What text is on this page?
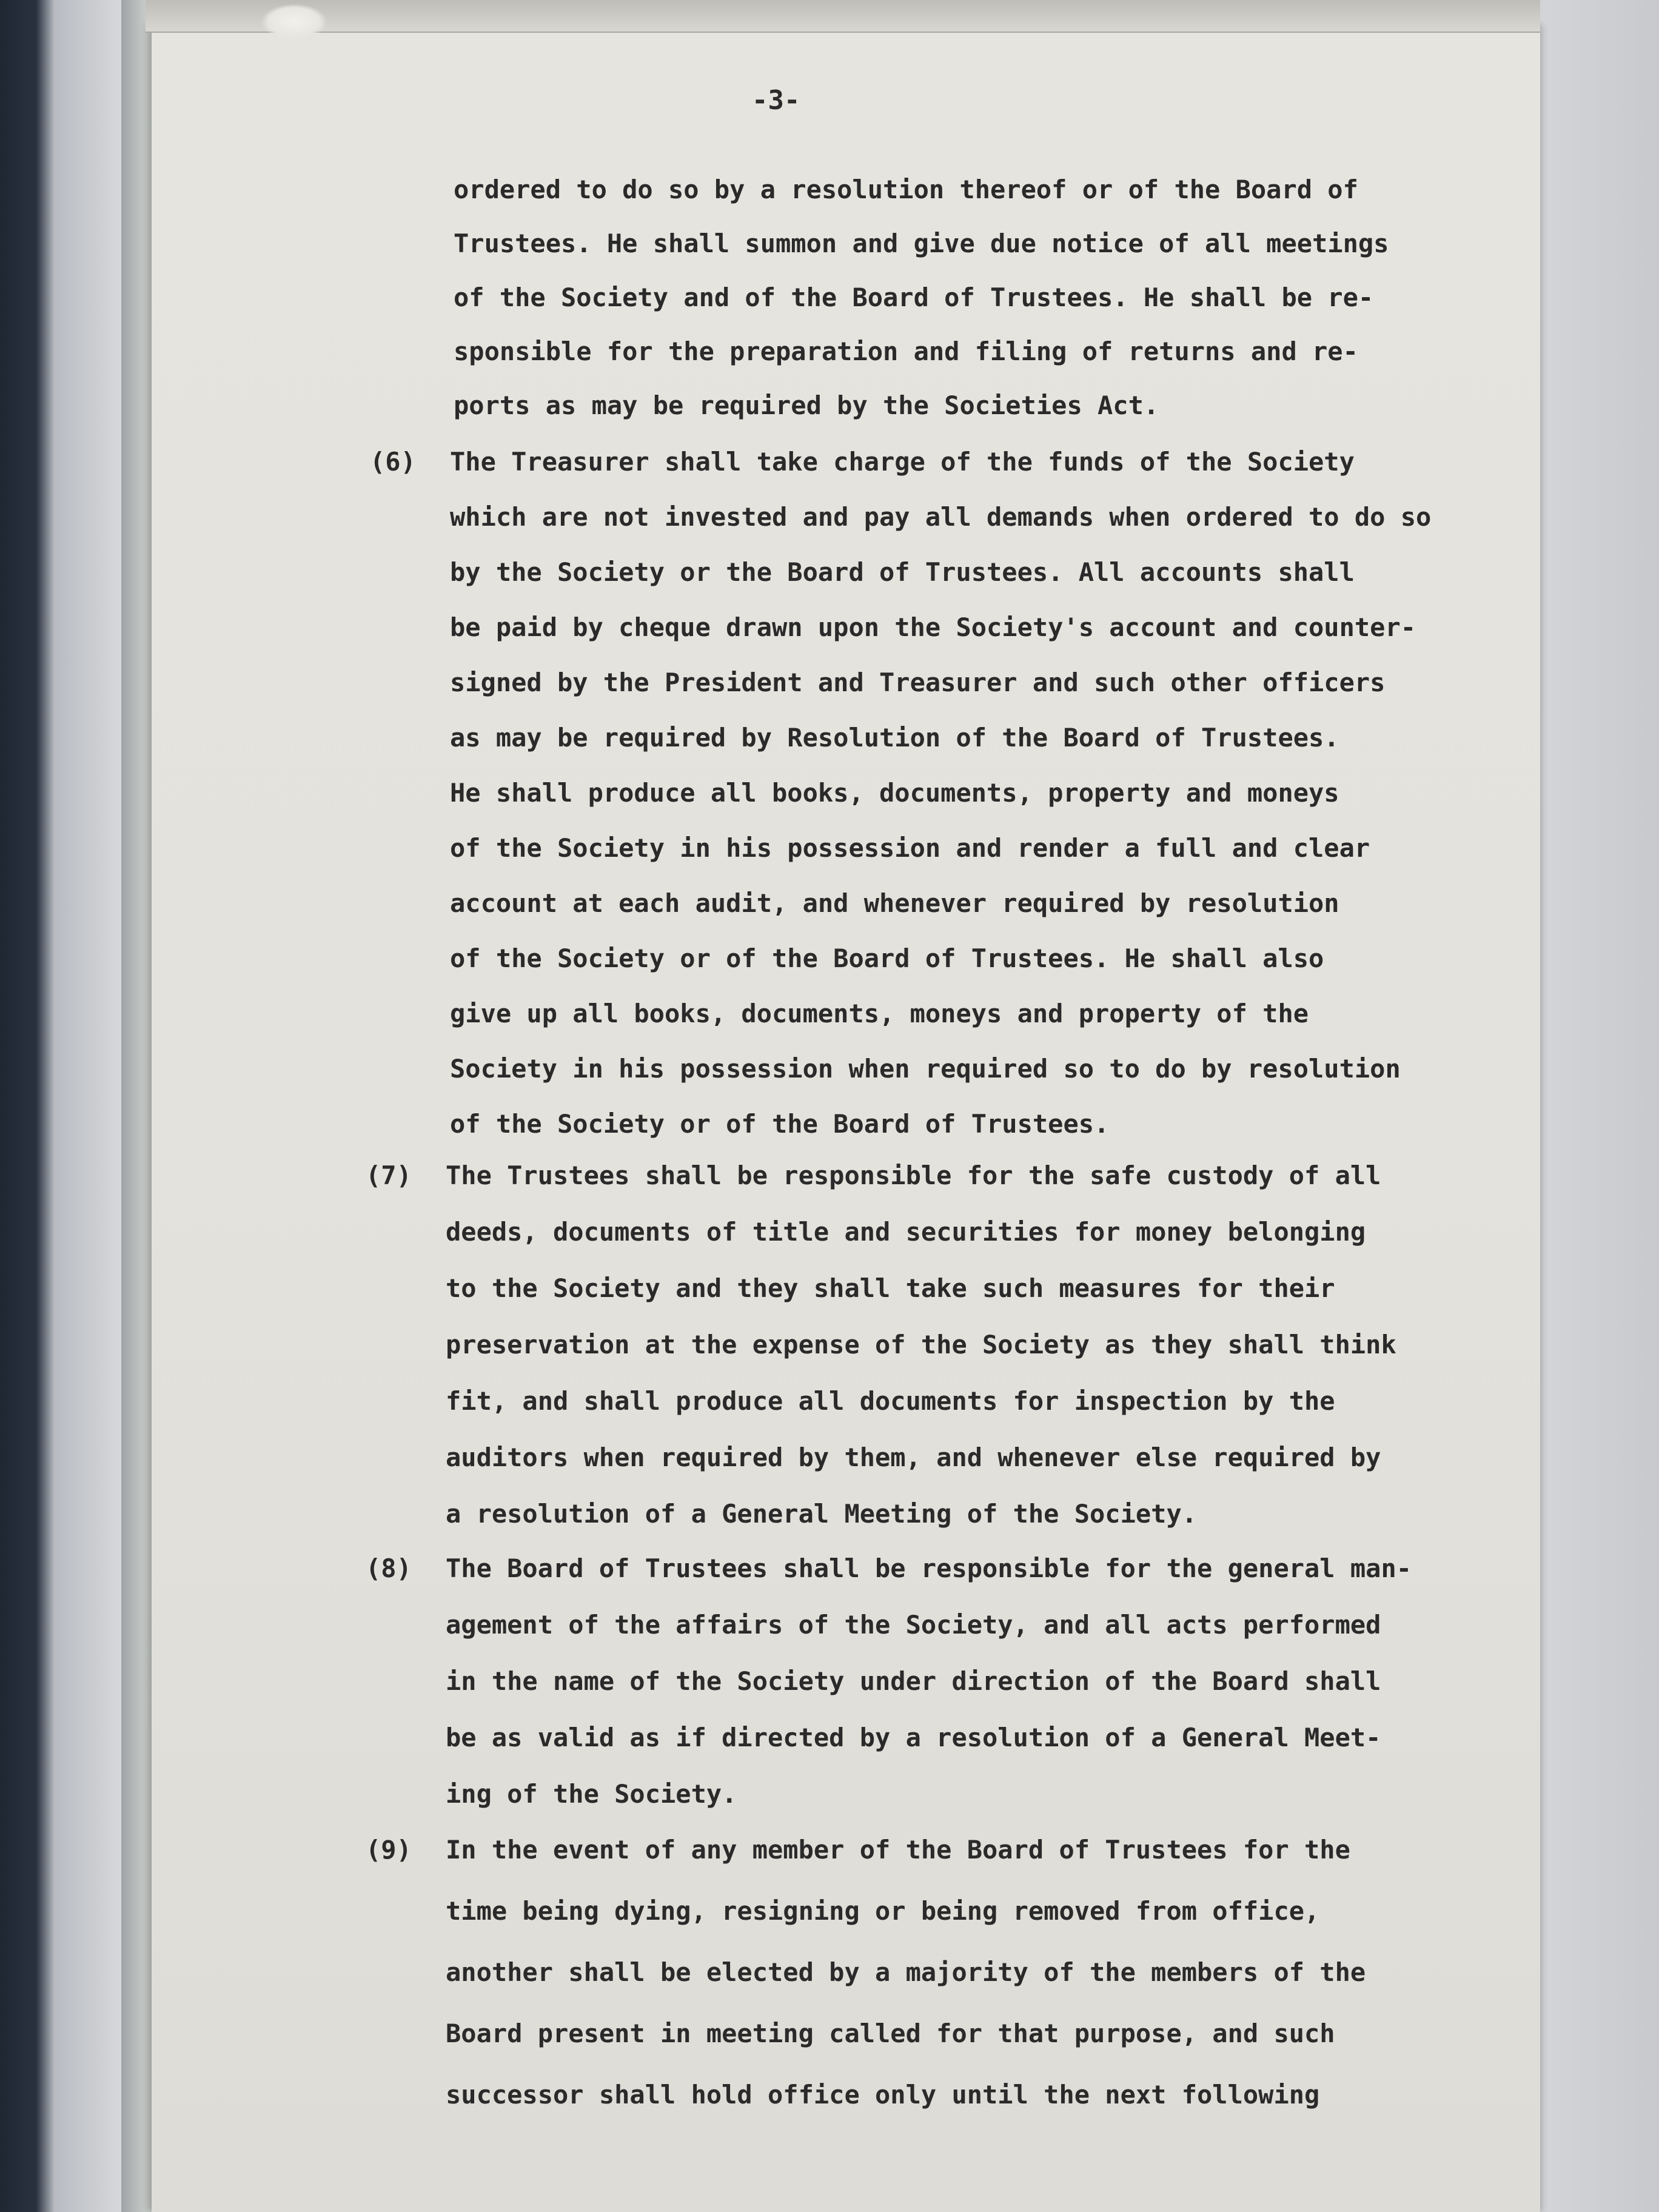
-3-
ordered to do so by a resolution thereof or of the Board of
Trustees. He shall summon and give due notice of all meetings
of the Society and of the Board of Trustees. He shall be re-
sponsible for the preparation and filing of returns and re-
ports as may be required by the Societies Act.
(6) The Treasurer shall take charge of the funds of the Society
which are not invested and pay all demands when ordered to do so
by the Society or the Board of Trustees. All accounts shall
be paid by cheque drawn upon the Society's account and counter-
signed by the President and Treasurer and such other officers
as may be required by Resolution of the Board of Trustees.
He shall produce all books, documents, property and moneys
of the Society in his possession and render a full and clear
account at each audit, and whenever required by resolution
of the Society or of the Board of Trustees. He shall also
give up all books, documents, moneys and property of the
Society in his possession when required so to do by resolution
of the Society or of the Board of Trustees.
(7) The Trustees shall be responsible for the safe custody of all
deeds, documents of title and securities for money belonging
to the Society and they shall take such measures for their
preservation at the expense of the Society as they shall think
fit, and shall produce all documents for inspection by the
auditors when required by them, and whenever else required by
a resolution of a General Meeting of the Society.
(8) The Board of Trustees shall be responsible for the general man-
agement of the affairs of the Society, and all acts performed
in the name of the Society under direction of the Board shall
be as valid as if directed by a resolution of a General Meet-
ing of the Society.
(9) In the event of any member of the Board of Trustees for the
time being dying, resigning or being removed from office,
another shall be elected by a majority of the members of the
Board present in meeting called for that purpose, and such
successor shall hold office only until the next following
